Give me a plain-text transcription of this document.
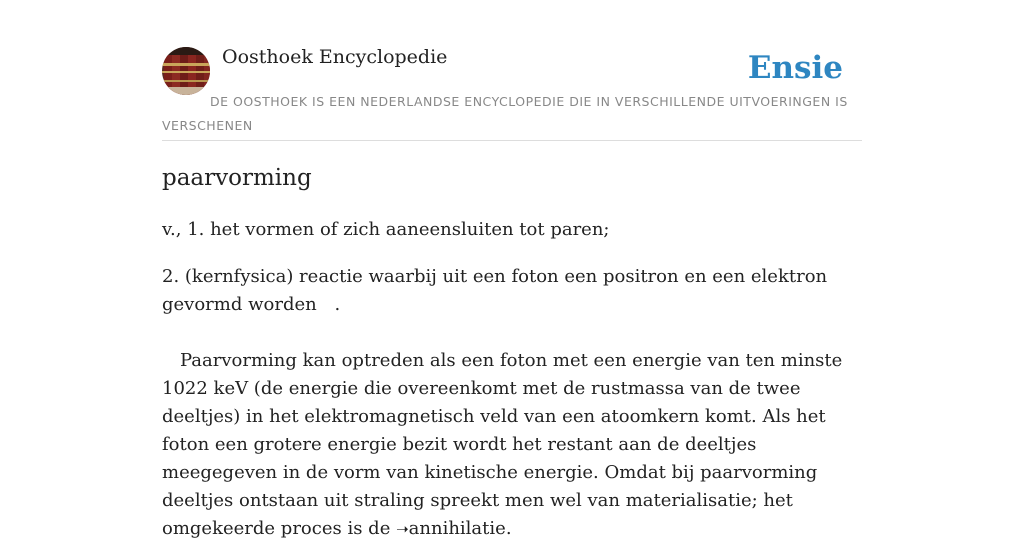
Oosthoek Encyclopedie	Ensie
DE OOSTHOEK IS EEN NEDERLANDSE ENCYCLOPEDIE DIE IN VERSCHILLENDE UITVOERINGEN IS VERSCHENEN
paarvorming

v., 1. het vormen of zich aaneensluiten tot paren;

2. (kernfysica) reactie waarbij uit een foton een positron en een elektron gevormd worden .

Paarvorming kan optreden als een foton met een energie van ten minste 1022 keV (de energie die overeenkomt met de rustmassa van de twee deeltjes) in het elektromagnetisch veld van een atoomkern komt. Als het foton een grotere energie bezit wordt het restant aan de deeltjes meegegeven in de vorm van kinetische energie. Omdat bij paarvorming deeltjes ontstaan uit straling spreekt men wel van materialisatie; het omgekeerde proces is de ➝annihilatie.
